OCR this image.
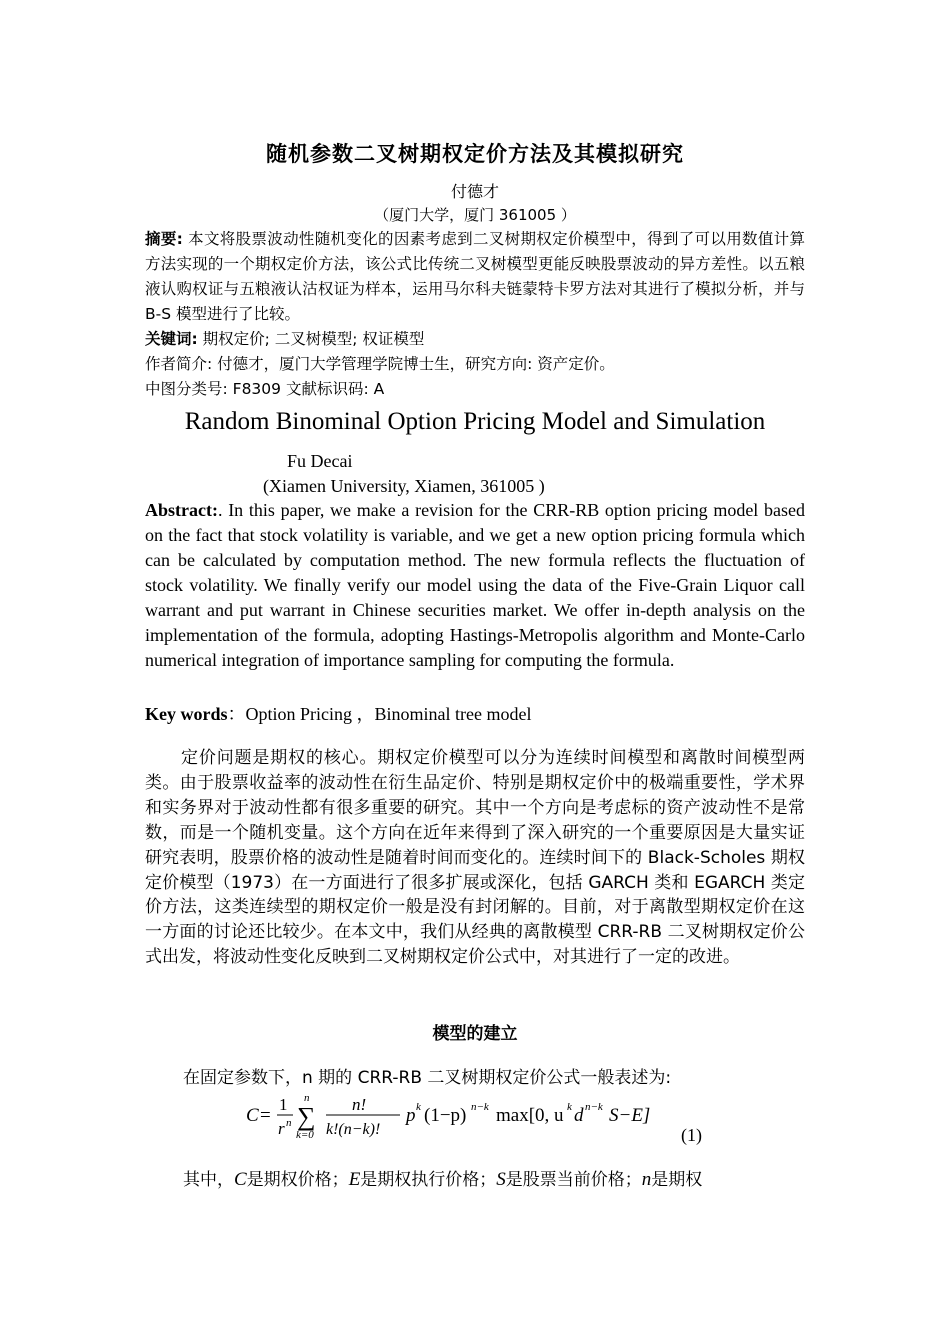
随机参数二叉树期权定价方法及其模拟研究
付德才
（厦门大学，厦门 361005 ）
摘要: 本文将股票波动性随机变化的因素考虑到二叉树期权定价模型中，得到了可以用数值计算方法实现的一个期权定价方法，该公式比传统二叉树模型更能反映股票波动的异方差性。以五粮液认购权证与五粮液认沽权证为样本，运用马尔科夫链蒙特卡罗方法对其进行了模拟分析，并与 B-S 模型进行了比较。
关键词: 期权定价; 二叉树模型; 权证模型
作者简介: 付德才，厦门大学管理学院博士生，研究方向: 资产定价。
中图分类号: F8309 文献标识码: A
Random Binominal Option Pricing Model and Simulation
Fu Decai
(Xiamen University, Xiamen, 361005 )
Abstract:. In this paper, we make a revision for the CRR-RB option pricing model based on the fact that stock volatility is variable, and we get a new option pricing formula which can be calculated by computation method. The new formula reflects the fluctuation of stock volatility. We finally verify our model using the data of the Five-Grain Liquor call warrant and put warrant in Chinese securities market. We offer in-depth analysis on the implementation of the formula, adopting Hastings-Metropolis algorithm and Monte-Carlo numerical integration of importance sampling for computing the formula.
Key words：Option Pricing ，Binominal tree model
定价问题是期权的核心。期权定价模型可以分为连续时间模型和离散时间模型两类。由于股票收益率的波动性在衍生品定价、特别是期权定价中的极端重要性，学术界和实务界对于波动性都有很多重要的研究。其中一个方向是考虑标的资产波动性不是常数，而是一个随机变量。这个方向在近年来得到了深入研究的一个重要原因是大量实证研究表明，股票价格的波动性是随着时间而变化的。连续时间下的 Black-Scholes 期权定价模型（1973）在一方面进行了很多扩展或深化，包括 GARCH 类和 EGARCH 类定价方法，这类连续型的期权定价一般是没有封闭解的。目前，对于离散型期权定价在这一方面的讨论还比较少。在本文中，我们从经典的离散模型 CRR-RB 二叉树期权定价公式出发，将波动性变化反映到二叉树期权定价公式中，对其进行了一定的改进。
模型的建立
在固定参数下，n 期的 CRR-RB 二叉树期权定价公式一般表述为:
C =
1
r n
n
∑
k=0
n!
k!(n−k)!
p k (1−p) n−k max[0, u k d n−k S−E]
(1)
其中，C是期权价格；E是期权执行价格；S是股票当前价格；n是期权
